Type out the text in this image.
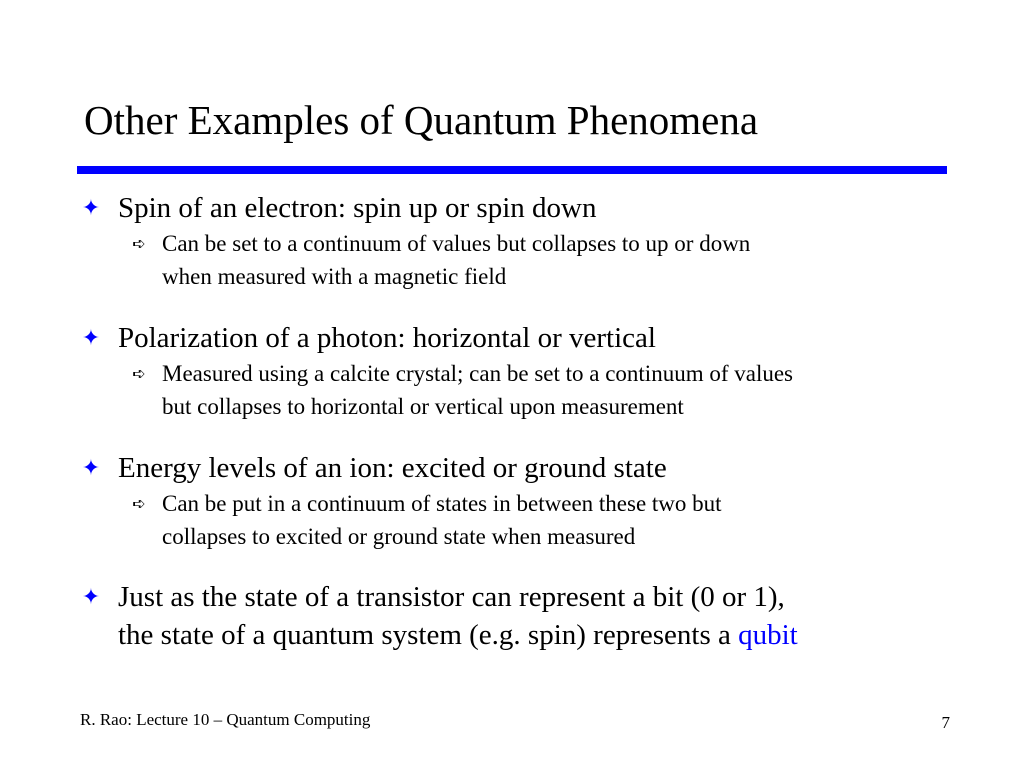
Other Examples of Quantum Phenomena
✦ Spin of an electron: spin up or spin down
➪ Can be set to a continuum of values but collapses to up or down
when measured with a magnetic field
✦ Polarization of a photon: horizontal or vertical
➪ Measured using a calcite crystal; can be set to a continuum of values
but collapses to horizontal or vertical upon measurement
✦ Energy levels of an ion: excited or ground state
➪ Can be put in a continuum of states in between these two but
collapses to excited or ground state when measured
✦ Just as the state of a transistor can represent a bit (0 or 1),
the state of a quantum system (e.g. spin) represents a qubit
R. Rao: Lecture 10 – Quantum Computing	7
